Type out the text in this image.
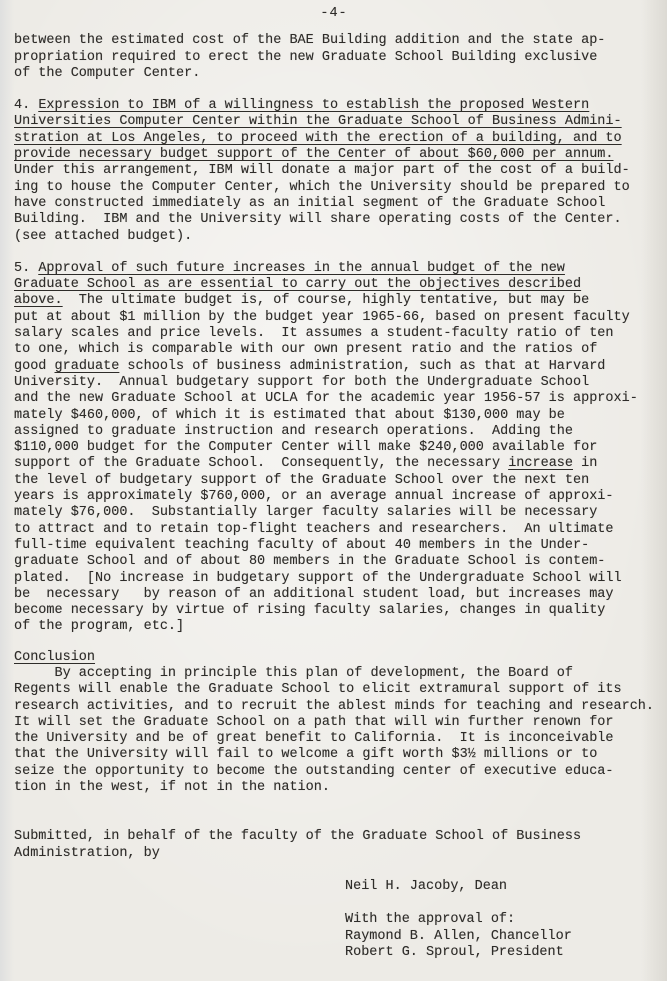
-4-
between the estimated cost of the BAE Building addition and the state ap-
propriation required to erect the new Graduate School Building exclusive
of the Computer Center.
4. Expression to IBM of a willingness to establish the proposed Western
Universities Computer Center within the Graduate School of Business Admini-
stration at Los Angeles, to proceed with the erection of a building, and to
provide necessary budget support of the Center of about $60,000 per annum.
Under this arrangement, IBM will donate a major part of the cost of a build-
ing to house the Computer Center, which the University should be prepared to
have constructed immediately as an initial segment of the Graduate School
Building.  IBM and the University will share operating costs of the Center.
(see attached budget).
5. Approval of such future increases in the annual budget of the new
Graduate School as are essential to carry out the objectives described
above.  The ultimate budget is, of course, highly tentative, but may be
put at about $1 million by the budget year 1965-66, based on present faculty
salary scales and price levels.  It assumes a student-faculty ratio of ten
to one, which is comparable with our own present ratio and the ratios of
good graduate schools of business administration, such as that at Harvard
University.  Annual budgetary support for both the Undergraduate School
and the new Graduate School at UCLA for the academic year 1956-57 is approxi-
mately $460,000, of which it is estimated that about $130,000 may be
assigned to graduate instruction and research operations.  Adding the
$110,000 budget for the Computer Center will make $240,000 available for
support of the Graduate School.  Consequently, the necessary increase in
the level of budgetary support of the Graduate School over the next ten
years is approximately $760,000, or an average annual increase of approxi-
mately $76,000.  Substantially larger faculty salaries will be necessary
to attract and to retain top-flight teachers and researchers.  An ultimate
full-time equivalent teaching faculty of about 40 members in the Under-
graduate School and of about 80 members in the Graduate School is contem-
plated.  [No increase in budgetary support of the Undergraduate School will
be  necessary   by reason of an additional student load, but increases may
become necessary by virtue of rising faculty salaries, changes in quality
of the program, etc.]
Conclusion
By accepting in principle this plan of development, the Board of
Regents will enable the Graduate School to elicit extramural support of its
research activities, and to recruit the ablest minds for teaching and research.
It will set the Graduate School on a path that will win further renown for
the University and be of great benefit to California.  It is inconceivable
that the University will fail to welcome a gift worth $3½ millions or to
seize the opportunity to become the outstanding center of executive educa-
tion in the west, if not in the nation.
Submitted, in behalf of the faculty of the Graduate School of Business
Administration, by
Neil H. Jacoby, Dean
With the approval of:
Raymond B. Allen, Chancellor
Robert G. Sproul, President
